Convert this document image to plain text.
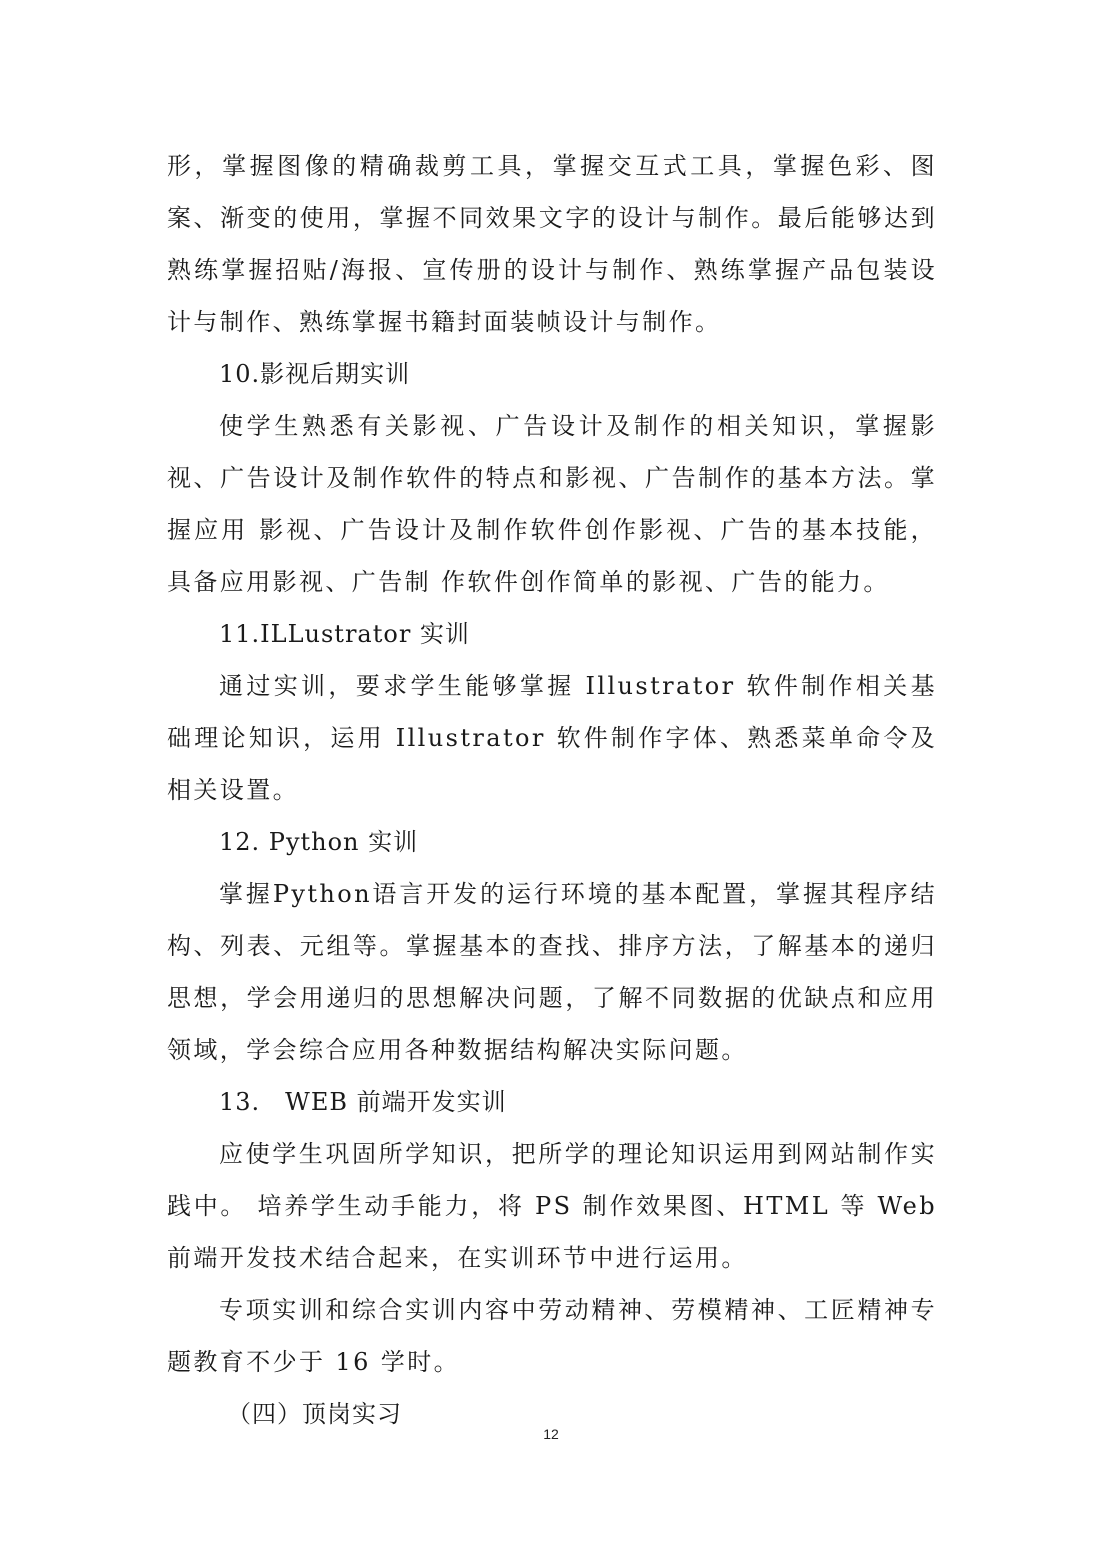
形，掌握图像的精确裁剪工具，掌握交互式工具，掌握色彩、图案、渐变的使用，掌握不同效果文字的设计与制作。最后能够达到熟练掌握招贴/海报、宣传册的设计与制作、熟练掌握产品包装设计与制作、熟练掌握书籍封面装帧设计与制作。

10.影视后期实训

使学生熟悉有关影视、广告设计及制作的相关知识，掌握影视、广告设计及制作软件的特点和影视、广告制作的基本方法。掌握应用 影视、广告设计及制作软件创作影视、广告的基本技能，具备应用影视、广告制 作软件创作简单的影视、广告的能力。

11.ILLustrator 实训

通过实训，要求学生能够掌握 Illustrator 软件制作相关基础理论知识，运用 Illustrator 软件制作字体、熟悉菜单命令及相关设置。

12. Python 实训

掌握Python语言开发的运行环境的基本配置，掌握其程序结构、列表、元组等。掌握基本的查找、排序方法，了解基本的递归思想，学会用递归的思想解决问题，了解不同数据的优缺点和应用领域，学会综合应用各种数据结构解决实际问题。

13.　WEB 前端开发实训

应使学生巩固所学知识，把所学的理论知识运用到网站制作实践中。 培养学生动手能力，将 PS 制作效果图、HTML 等 Web 前端开发技术结合起来，在实训环节中进行运用。

专项实训和综合实训内容中劳动精神、劳模精神、工匠精神专题教育不少于 16 学时。

（四）顶岗实习

12
